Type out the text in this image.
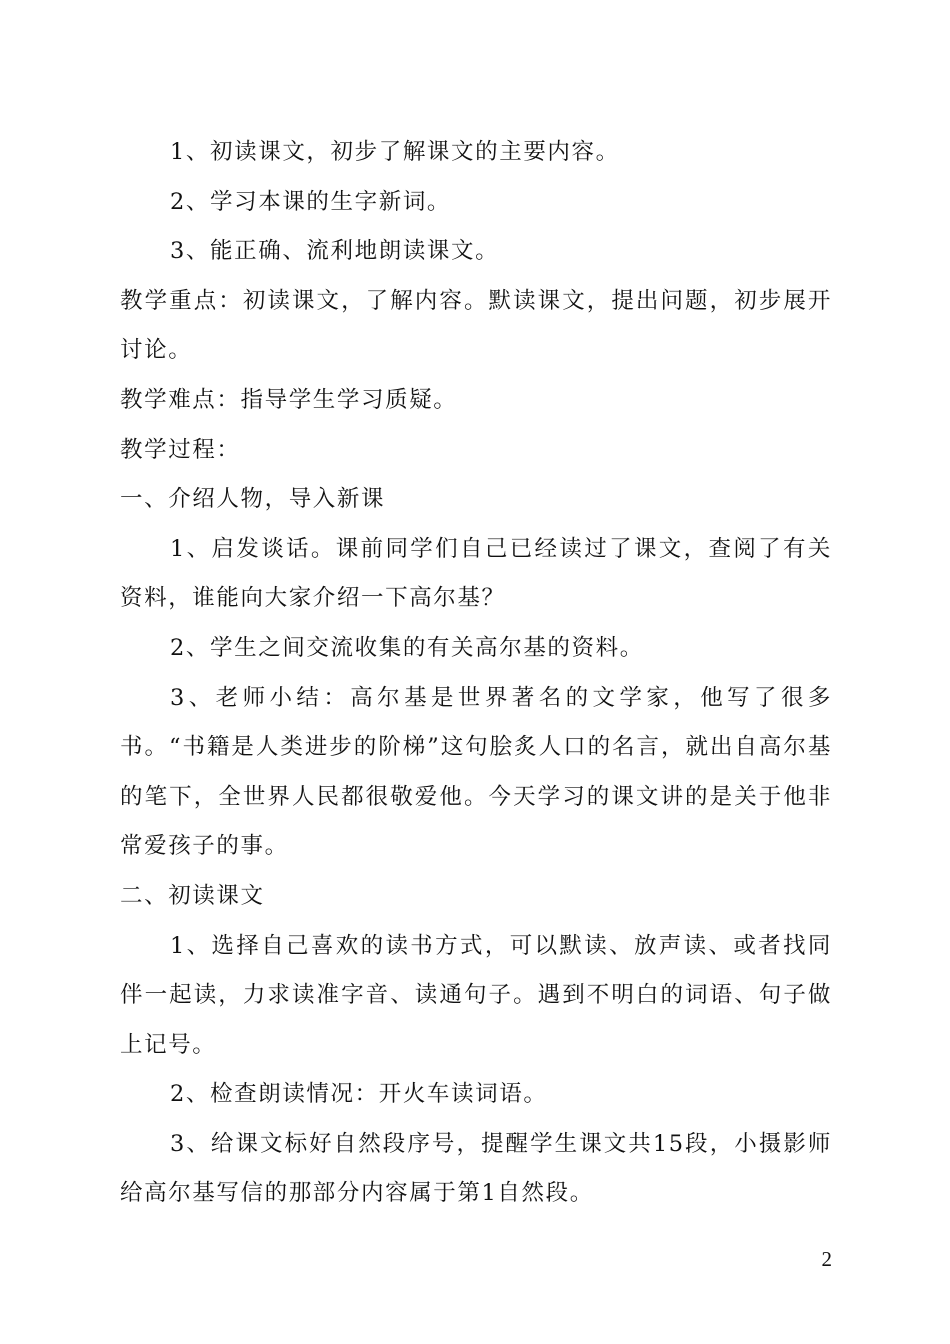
1、初读课文，初步了解课文的主要内容。

2、学习本课的生字新词。

3、能正确、流利地朗读课文。

教学重点：初读课文，了解内容。默读课文，提出问题，初步展开讨论。

教学难点：指导学生学习质疑。

教学过程：

一、介绍人物，导入新课

1、启发谈话。课前同学们自己已经读过了课文，查阅了有关资料，谁能向大家介绍一下高尔基？

2、学生之间交流收集的有关高尔基的资料。

3、老师小结：高尔基是世界著名的文学家，他写了很多书。“书籍是人类进步的阶梯”这句脍炙人口的名言，就出自高尔基的笔下，全世界人民都很敬爱他。今天学习的课文讲的是关于他非常爱孩子的事。

二、初读课文

1、选择自己喜欢的读书方式，可以默读、放声读、或者找同伴一起读，力求读准字音、读通句子。遇到不明白的词语、句子做上记号。

2、检查朗读情况：开火车读词语。

3、给课文标好自然段序号，提醒学生课文共15段，小摄影师给高尔基写信的那部分内容属于第1自然段。

2
